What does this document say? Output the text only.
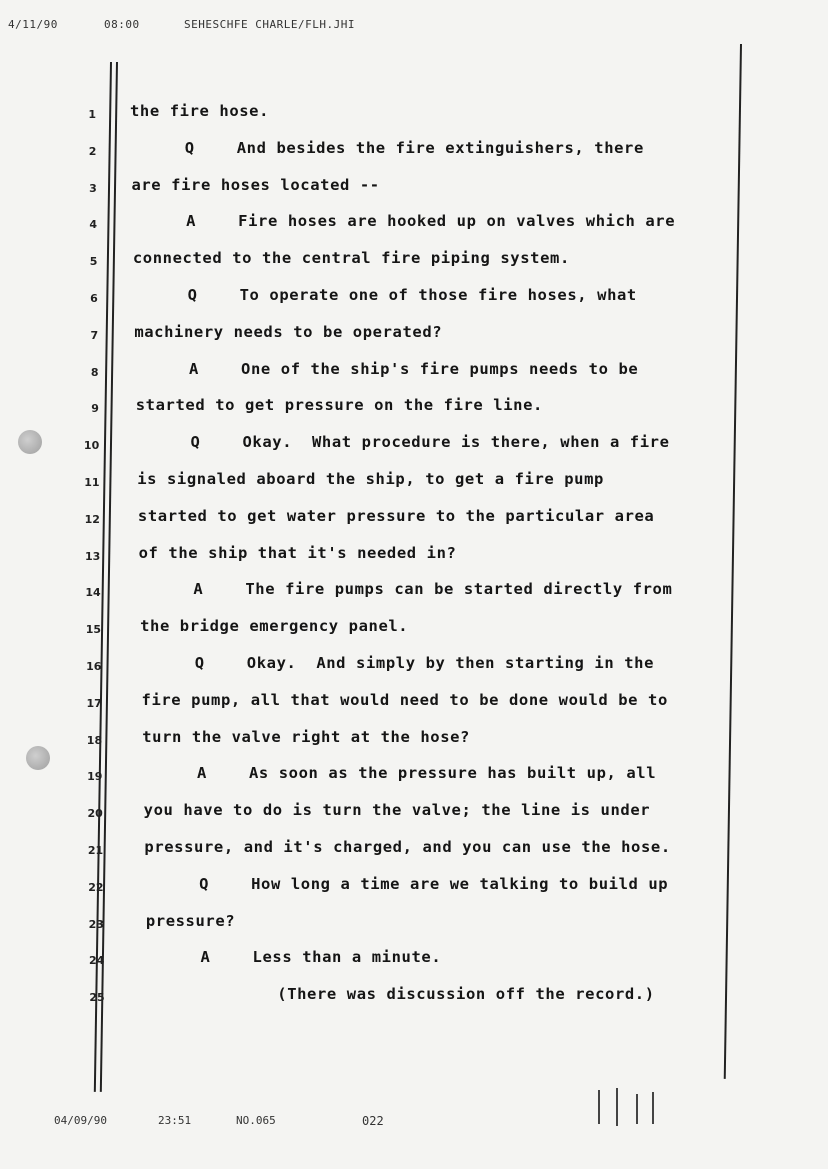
4/11/90	08:00	SEHESCHFE CHARLE/FLH.JHI
1 the fire hose.
2	Q	And besides the fire extinguishers, there
3 are fire hoses located --
4	A	Fire hoses are hooked up on valves which are
5 connected to the central fire piping system.
6	Q	To operate one of those fire hoses, what
7 machinery needs to be operated?
8	A	One of the ship's fire pumps needs to be
9 started to get pressure on the fire line.
10	Q	Okay.  What procedure is there, when a fire
11 is signaled aboard the ship, to get a fire pump
12 started to get water pressure to the particular area
13 of the ship that it's needed in?
14	A	The fire pumps can be started directly from
15	the bridge emergency panel.
16	Q	Okay.  And simply by then starting in the
17	fire pump, all that would need to be done would be to
18	turn the valve right at the hose?
19	A	As soon as the pressure has built up, all
20	you have to do is turn the valve; the line is under
21	pressure, and it's charged, and you can use the hose.
22	Q	How long a time are we talking to build up
23	pressure?
24	A	Less than a minute.
25	(There was discussion off the record.)
04/09/90	23:51	NO.065	022
